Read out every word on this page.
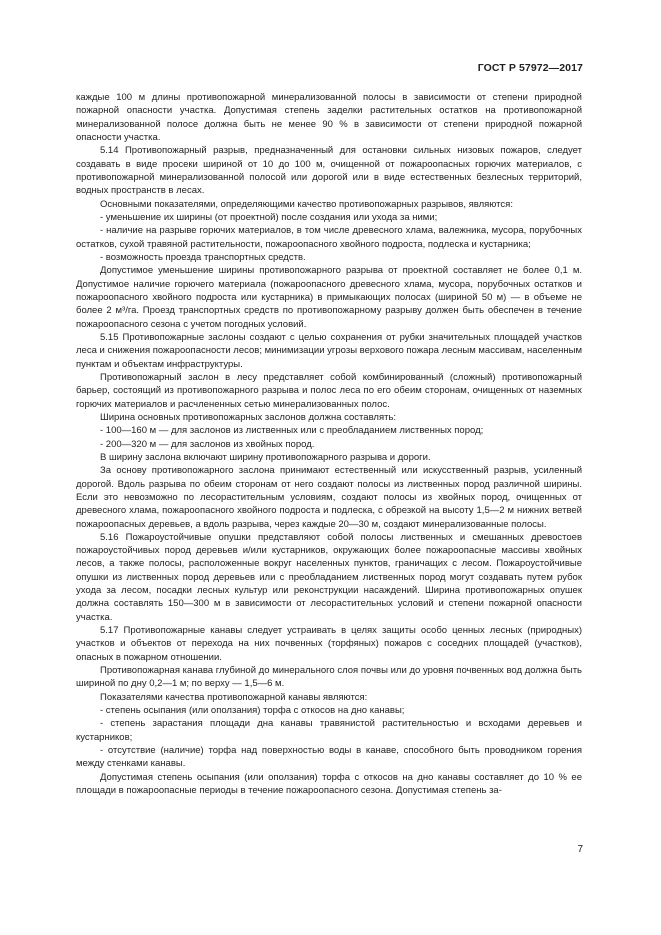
ГОСТ Р 57972—2017

каждые 100 м длины противопожарной минерализованной полосы в зависимости от степени природной пожарной опасности участка. Допустимая степень заделки растительных остатков на противопожарной минерализованной полосе должна быть не менее 90 % в зависимости от степени природной пожарной опасности участка.

5.14 Противопожарный разрыв, предназначенный для остановки сильных низовых пожаров, следует создавать в виде просеки шириной от 10 до 100 м, очищенной от пожароопасных горючих материалов, с противопожарной минерализованной полосой или дорогой или в виде естественных безлесных территорий, водных пространств в лесах.

Основными показателями, определяющими качество противопожарных разрывов, являются:

- уменьшение их ширины (от проектной) после создания или ухода за ними;

- наличие на разрыве горючих материалов, в том числе древесного хлама, валежника, мусора, порубочных остатков, сухой травяной растительности, пожароопасного хвойного подроста, подлеска и кустарника;

- возможность проезда транспортных средств.

Допустимое уменьшение ширины противопожарного разрыва от проектной составляет не более 0,1 м. Допустимое наличие горючего материала (пожароопасного древесного хлама, мусора, порубочных остатков и пожароопасного хвойного подроста или кустарника) в примыкающих полосах (шириной 50 м) — в объеме не более 2 м³/га. Проезд транспортных средств по противопожарному разрыву должен быть обеспечен в течение пожароопасного сезона с учетом погодных условий.

5.15 Противопожарные заслоны создают с целью сохранения от рубки значительных площадей участков леса и снижения пожароопасности лесов; минимизации угрозы верхового пожара лесным массивам, населенным пунктам и объектам инфраструктуры.

Противопожарный заслон в лесу представляет собой комбинированный (сложный) противопожарный барьер, состоящий из противопожарного разрыва и полос леса по его обеим сторонам, очищенных от наземных горючих материалов и расчлененных сетью минерализованных полос.

Ширина основных противопожарных заслонов должна составлять:

- 100—160 м — для заслонов из лиственных или с преобладанием лиственных пород;

- 200—320 м — для заслонов из хвойных пород.

В ширину заслона включают ширину противопожарного разрыва и дороги.

За основу противопожарного заслона принимают естественный или искусственный разрыв, усиленный дорогой. Вдоль разрыва по обеим сторонам от него создают полосы из лиственных пород различной ширины. Если это невозможно по лесорастительным условиям, создают полосы из хвойных пород, очищенных от древесного хлама, пожароопасного хвойного подроста и подлеска, с обрезкой на высоту 1,5—2 м нижних ветвей пожароопасных деревьев, а вдоль разрыва, через каждые 20—30 м, создают минерализованные полосы.

5.16 Пожароустойчивые опушки представляют собой полосы лиственных и смешанных древостоев пожароустойчивых пород деревьев и/или кустарников, окружающих более пожароопасные массивы хвойных лесов, а также полосы, расположенные вокруг населенных пунктов, граничащих с лесом. Пожароустойчивые опушки из лиственных пород деревьев или с преобладанием лиственных пород могут создавать путем рубок ухода за лесом, посадки лесных культур или реконструкции насаждений. Ширина противопожарных опушек должна составлять 150—300 м в зависимости от лесорастительных условий и степени пожарной опасности участка.

5.17 Противопожарные канавы следует устраивать в целях защиты особо ценных лесных (природных) участков и объектов от перехода на них почвенных (торфяных) пожаров с соседних площадей (участков), опасных в пожарном отношении.

Противопожарная канава глубиной до минерального слоя почвы или до уровня почвенных вод должна быть шириной по дну 0,2—1 м; по верху — 1,5—6 м.

Показателями качества противопожарной канавы являются:

- степень осыпания (или оползания) торфа с откосов на дно канавы;

- степень зарастания площади дна канавы травянистой растительностью и всходами деревьев и кустарников;

- отсутствие (наличие) торфа над поверхностью воды в канаве, способного быть проводником горения между стенками канавы.

Допустимая степень осыпания (или оползания) торфа с откосов на дно канавы составляет до 10 % ее площади в пожароопасные периоды в течение пожароопасного сезона. Допустимая степень за-

7
